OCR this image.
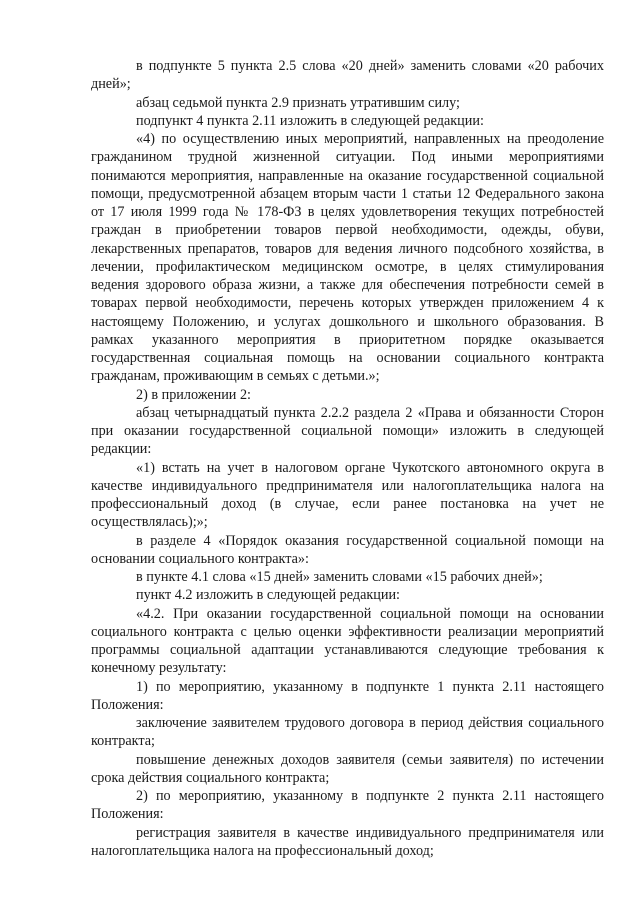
в подпункте 5 пункта 2.5 слова «20 дней» заменить словами «20 рабочих дней»;

абзац седьмой пункта 2.9 признать утратившим силу;

подпункт 4 пункта 2.11 изложить в следующей редакции:

«4) по осуществлению иных мероприятий, направленных на преодоление гражданином трудной жизненной ситуации. Под иными мероприятиями понимаются мероприятия, направленные на оказание государственной социальной помощи, предусмотренной абзацем вторым части 1 статьи 12 Федерального закона от 17 июля 1999 года № 178-ФЗ в целях удовлетворения текущих потребностей граждан в приобретении товаров первой необходимости, одежды, обуви, лекарственных препаратов, товаров для ведения личного подсобного хозяйства, в лечении, профилактическом медицинском осмотре, в целях стимулирования ведения здорового образа жизни, а также для обеспечения потребности семей в товарах первой необходимости, перечень которых утвержден приложением 4 к настоящему Положению, и услугах дошкольного и школьного образования. В рамках указанного мероприятия в приоритетном порядке оказывается государственная социальная помощь на основании социального контракта гражданам, проживающим в семьях с детьми.»;

2) в приложении 2:

абзац четырнадцатый пункта 2.2.2 раздела 2 «Права и обязанности Сторон при оказании государственной социальной помощи» изложить в следующей редакции:

«1) встать на учет в налоговом органе Чукотского автономного округа в качестве индивидуального предпринимателя или налогоплательщика налога на профессиональный доход (в случае, если ранее постановка на учет не осуществлялась);»;

в разделе 4 «Порядок оказания государственной социальной помощи на основании социального контракта»:

в пункте 4.1 слова «15 дней» заменить словами «15 рабочих дней»;

пункт 4.2 изложить в следующей редакции:

«4.2. При оказании государственной социальной помощи на основании социального контракта с целью оценки эффективности реализации мероприятий программы социальной адаптации устанавливаются следующие требования к конечному результату:

1) по мероприятию, указанному в подпункте 1 пункта 2.11 настоящего Положения:

заключение заявителем трудового договора в период действия социального контракта;

повышение денежных доходов заявителя (семьи заявителя) по истечении срока действия социального контракта;

2) по мероприятию, указанному в подпункте 2 пункта 2.11 настоящего Положения:

регистрация заявителя в качестве индивидуального предпринимателя или налогоплательщика налога на профессиональный доход;
